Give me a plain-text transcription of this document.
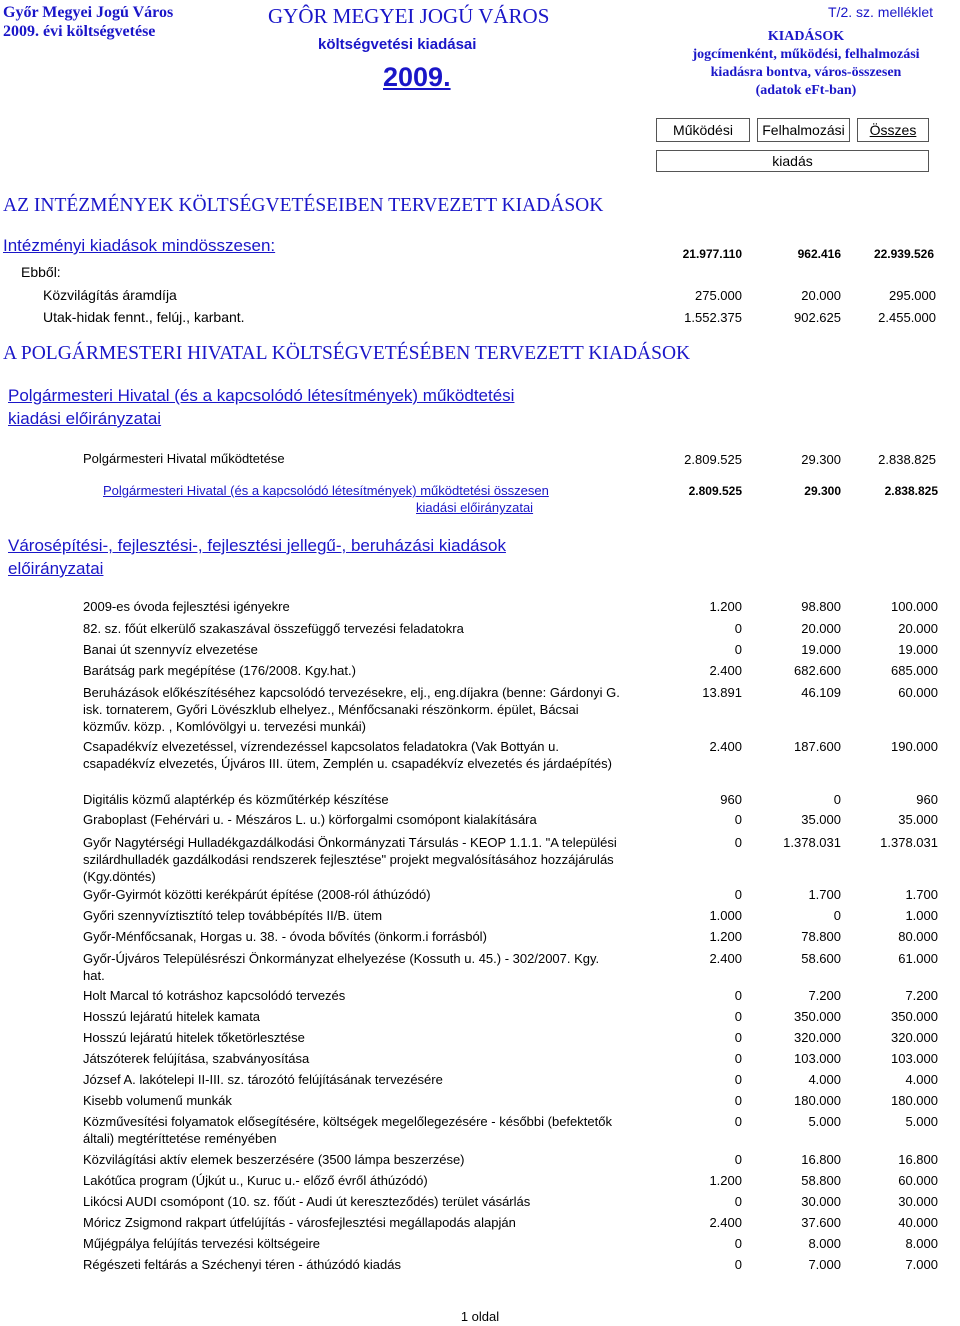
Győr Megyei Jogú Város
2009. évi költségvetése
GYÔR MEGYEI JOGÚ VÁROS
költségvetési kiadásai
2009.
T/2. sz. melléklet
KIADÁSOK
jogcímenként, működési, felhalmozási
kiadásra bontva, város-összesen
(adatok eFt-ban)
Működési	Felhalmozási	Összes
kiadás
AZ INTÉZMÉNYEK KÖLTSÉGVETÉSEIBEN TERVEZETT KIADÁSOK
Intézményi kiadások mindösszesen:	21.977.110	962.416	22.939.526
Ebből:
Közvilágítás áramdíja	275.000	20.000	295.000
Utak-hidak fennt., felúj., karbant.	1.552.375	902.625	2.455.000
A POLGÁRMESTERI HIVATAL KÖLTSÉGVETÉSÉBEN TERVEZETT KIADÁSOK
Polgármesteri Hivatal (és a kapcsolódó létesítmények) működtetési
kiadási előirányzatai
Polgármesteri Hivatal működtetése	2.809.525	29.300	2.838.825
Polgármesteri Hivatal (és a kapcsolódó létesítmények) működtetési összesen
kiadási előirányzatai
2.809.525	29.300	2.838.825
Városépítési-, fejlesztési-, fejlesztési jellegű-, beruházási kiadások
előirányzatai
2009-es óvoda fejlesztési igényekre	1.200	98.800	100.000
82. sz. főút elkerülő szakaszával összefüggő tervezési feladatokra	0	20.000	20.000
Banai út szennyvíz elvezetése	0	19.000	19.000
Barátság park megépítése (176/2008. Kgy.hat.)	2.400	682.600	685.000
Beruházások előkészítéséhez kapcsolódó tervezésekre, elj., eng.díjakra (benne: Gárdonyi G. isk. tornaterem, Győri Lövészklub elhelyez., Ménfőcsanaki részönkorm. épület, Bácsai közműv. közp. , Komlóvölgyi u. tervezési munkái)
13.891	46.109	60.000
Csapadékvíz elvezetéssel, vízrendezéssel kapcsolatos feladatokra (Vak Bottyán u. csapadékvíz elvezetés, Újváros III. ütem, Zemplén u. csapadékvíz elvezetés és járdaépítés)
2.400	187.600	190.000
Digitális közmű alaptérkép és közműtérkép készítése	960	0	960
Graboplast (Fehérvári u. - Mészáros L. u.) körforgalmi csomópont kialakítására	0	35.000	35.000
Győr Nagytérségi Hulladékgazdálkodási Önkormányzati Társulás - KEOP 1.1.1. "A települési szilárdhulladék gazdálkodási rendszerek fejlesztése" projekt megvalósításához hozzájárulás (Kgy.döntés)
0	1.378.031	1.378.031
Győr-Gyirmót közötti kerékpárút építése (2008-ról áthúzódó)	0	1.700	1.700
Győri szennyvíztisztító telep továbbépítés II/B. ütem	1.000	0	1.000
Győr-Ménfőcsanak, Horgas u. 38. - óvoda bővítés (önkorm.i forrásból)	1.200	78.800	80.000
Győr-Újváros Településrészi Önkormányzat elhelyezése (Kossuth u. 45.) - 302/2007. Kgy. hat.
2.400	58.600	61.000
Holt Marcal tó kotráshoz kapcsolódó tervezés	0	7.200	7.200
Hosszú lejáratú hitelek kamata	0	350.000	350.000
Hosszú lejáratú hitelek tőketörlesztése	0	320.000	320.000
Játszóterek felújítása, szabványosítása	0	103.000	103.000
József A. lakótelepi II-III. sz. tározótó felújításának tervezésére	0	4.000	4.000
Kisebb volumenű munkák	0	180.000	180.000
Közművesítési folyamatok elősegítésére, költségek megelőlegezésére - későbbi (befektetők általi) megtéríttetése reményében
0	5.000	5.000
Közvilágítási aktív elemek beszerzésére (3500 lámpa beszerzése)	0	16.800	16.800
Lakótűca program (Újkút u., Kuruc u.- előző évről áthúzódó)	1.200	58.800	60.000
Likócsi AUDI csomópont (10. sz. főút - Audi út kereszteződés) terület vásárlás	0	30.000	30.000
Móricz Zsigmond rakpart útfelújítás - városfejlesztési megállapodás alapján	2.400	37.600	40.000
Műjégpálya felújítás tervezési költségeire	0	8.000	8.000
Régészeti feltárás a Széchenyi téren - áthúzódó kiadás	0	7.000	7.000
1 oldal
